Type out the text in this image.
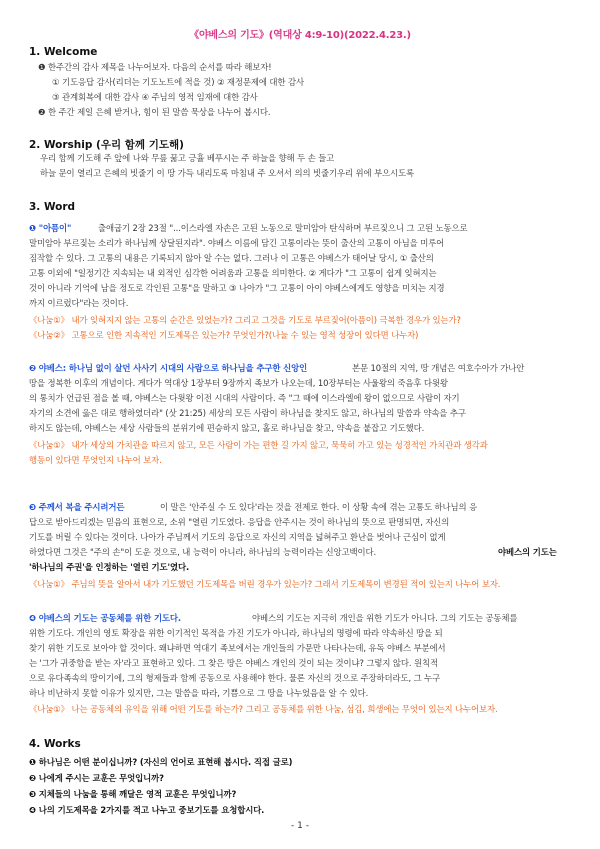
《야베스의 기도》(역대상 4:9-10)(2022.4.23.)
1. Welcome
❶ 한주간의 감사 제목을 나누어보자. 다음의 순서를 따라 해보자!
① 기도응답 감사(리더는 기도노트에 적을 것) ② 재정문제에 대한 감사
③ 관계회복에 대한 감사 ④ 주님의 영적 임재에 대한 감사
❷ 한 주간 제일 은혜 받거나, 힘이 된 말씀 묵상을 나누어 봅시다.
2. Worship (우리 함께 기도해)
우리 함께 기도해 주 앞에 나와 무릎 꿇고 긍휼 베푸시는 주 하늘을 향해 두 손 들고
하늘 문이 열리고 은혜의 빗줄기 이 땅 가득 내리도록 마침내 주 오셔서 의의 빗줄기우리 위에 부으시도록
3. Word
❶ "아픔이"	출애굽기 2장 23절 "...이스라엘 자손은 고된 노동으로 말미암아 탄식하며 부르짖으니 그 고된 노동으로
말미암아 부르짖는 소리가 하나님께 상달된지라". 야베스 이름에 담긴 고통이라는 뜻이 출산의 고통이 아님을 미루어
짐작할 수 있다. 그 고통의 내용은 기록되지 않아 알 수는 없다. 그러나 이 고통은 야베스가 태어날 당시, ① 출산의
고통 이외에 "일정기간 지속되는 내 외적인 심각한 어려움과 고통을 의미한다. ② 게다가 "그 고통이 쉽게 잊혀지는
것이 아니라 기억에 남을 정도로 각인된 고통"을 말하고 ③ 나아가 "그 고통이 아이 야베스에게도 영향을 미치는 지경
까지 이르렀다"라는 것이다.
《나눔①》 내가 잊혀지지 않는 고통의 순간은 있었는가? 그리고 그것을 기도로 부르짖어(아픔이) 극복한 경우가 있는가?
《나눔②》 고통으로 인한 지속적인 기도제목은 있는가? 무엇인가?(나눌 수 있는 영적 성장이 있다면 나누자)
❷ 야베스: 하나님 없이 살던 사사기 시대의 사람으로 하나님을 추구한 신앙인	본문 10절의 지역, 땅 개념은 여호수아가 가나안
땅을 정복한 이후의 개념이다. 게다가 역대상 1장부터 9장까지 족보가 나오는데, 10장부터는 사울왕의 죽음후 다윗왕
의 통치가 언급된 점을 볼 때, 야베스는 다윗왕 이전 시대의 사람이다. 즉 "그 때에 이스라엘에 왕이 없으므로 사람이 자기
자기의 소견에 옳은 대로 행하였더라" (삿 21:25) 세상의 모든 사람이 하나님을 찾지도 않고, 하나님의 말씀과 약속을 추구
하지도 않는데, 야베스는 세상 사람들의 분위기에 편승하지 않고, 홀로 하나님을 찾고, 약속을 붙잡고 기도했다.
《나눔①》 내가 세상의 가치관을 따르지 않고, 모든 사람이 가는 편한 길 가지 않고, 묵묵히 가고 있는 성경적인 가치관과 생각과
행동이 있다면 무엇인지 나누어 보자.
❸ 주께서 복을 주시려거든	이 말은 '안주실 수 도 있다'라는 것을 전제로 한다. 이 상황 속에 겪는 고통도 하나님의 응
답으로 받아드리겠는 믿음의 표현으로, 소위 "열린 기도였다. 응답을 안주시는 것이 하나님의 뜻으로 판명되면, 자신의
기도를 버릴 수 있다는 것이다. 나아가 주님께서 기도의 응답으로 자신의 지역을 넓혀주고 환난을 벗어나 근심이 없게
하였다면 그것은 "주의 손"이 도운 것으로, 내 능력이 아니라, 하나님의 능력이라는 신앙고백이다.	야베스의 기도는
'하나님의 주권'을 인정하는 '열린 기도'였다.
《나눔①》 주님의 뜻을 알아서 내가 기도했던 기도제목을 버린 경우가 있는가? 그래서 기도제목이 변경된 적이 있는지 나누어 보자.
❹ 야베스의 기도는 공동체를 위한 기도다.	야베스의 기도는 지극히 개인을 위한 기도가 아니다. 그의 기도는 공동체를
위한 기도다. 개인의 영토 확장을 위한 이기적인 목적을 가진 기도가 아니라, 하나님의 명령에 따라 약속하신 땅을 되
찾기 위한 기도로 보아야 할 것이다. 왜냐하면 역대기 족보에서는 개인들의 가문만 나타나는데, 유독 야베스 부분에서
는 '그가 귀중함을 받는 자'라고 표현하고 있다. 그 찾은 땅은 야베스 개인의 것이 되는 것이냐? 그렇지 않다. 원칙적
으로 유다족속의 땅이기에, 그의 형제들과 함께 공동으로 사용해야 한다. 물론 자신의 것으로 주장하더라도, 그 누구
하나 비난하지 못할 이유가 있지만, 그는 말씀을 따라, 기쁨으로 그 땅을 나누었음을 알 수 있다.
《나눔①》 나는 공동체의 유익을 위해 어떤 기도를 하는가? 그리고 공동체를 위한 나눔, 섬김, 희생에는 무엇이 있는지 나누어보자.
4. Works
❶ 하나님은 어떤 분이십니까? (자신의 언어로 표현해 봅시다. 직접 글로)
❷ 나에게 주시는 교훈은 무엇입니까?
❸ 지체들의 나눔을 통해 깨달은 영적 교훈은 무엇입니까?
❹ 나의 기도제목을 2가지를 적고 나누고 중보기도를 요청합시다.
- 1 -
